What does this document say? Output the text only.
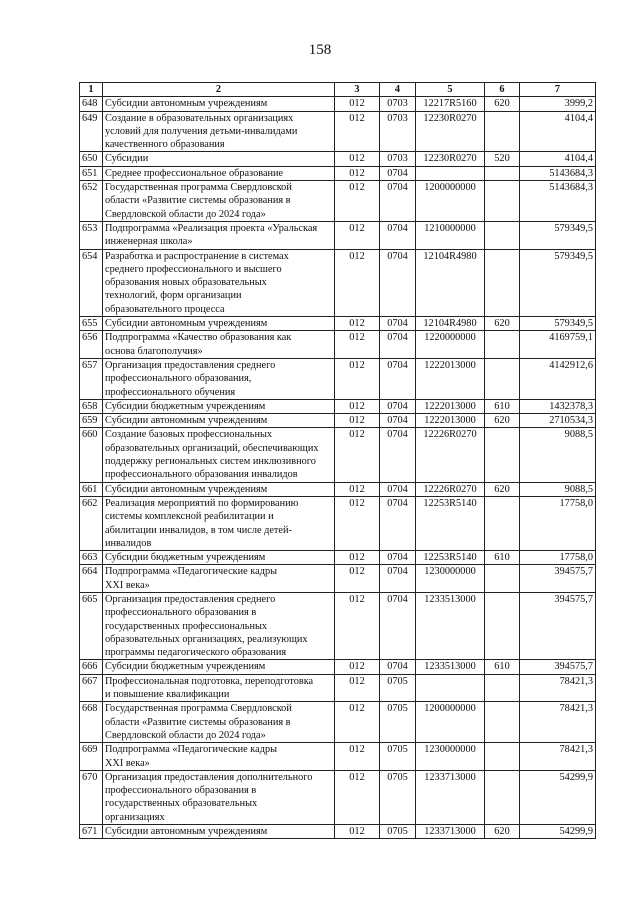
158
1	2	3	4	5	6	7
648	Субсидии автономным учреждениям	012	0703	12217R5160	620	3999,2
649	Создание в образовательных организациях
условий для получения детьми-инвалидами
качественного образования	012	0703	12230R0270		4104,4
650	Субсидии	012	0703	12230R0270	520	4104,4
651	Среднее профессиональное образование	012	0704			5143684,3
652	Государственная программа Свердловской
области «Развитие системы образования в
Свердловской области до 2024 года»	012	0704	1200000000		5143684,3
653	Подпрограмма «Реализация проекта «Уральская
инженерная школа»	012	0704	1210000000		579349,5
654	Разработка и распространение в системах
среднего профессионального и высшего
образования новых образовательных
технологий, форм организации
образовательного процесса	012	0704	12104R4980		579349,5
655	Субсидии автономным учреждениям	012	0704	12104R4980	620	579349,5
656	Подпрограмма «Качество образования как
основа благополучия»	012	0704	1220000000		4169759,1
657	Организация предоставления среднего
профессионального образования,
профессионального обучения	012	0704	1222013000		4142912,6
658	Субсидии бюджетным учреждениям	012	0704	1222013000	610	1432378,3
659	Субсидии автономным учреждениям	012	0704	1222013000	620	2710534,3
660	Создание базовых профессиональных
образовательных организаций, обеспечивающих
поддержку региональных систем инклюзивного
профессионального образования инвалидов	012	0704	12226R0270		9088,5
661	Субсидии автономным учреждениям	012	0704	12226R0270	620	9088,5
662	Реализация мероприятий по формированию
системы комплексной реабилитации и
абилитации инвалидов, в том числе детей-
инвалидов	012	0704	12253R5140		17758,0
663	Субсидии бюджетным учреждениям	012	0704	12253R5140	610	17758,0
664	Подпрограмма «Педагогические кадры
XXI века»	012	0704	1230000000		394575,7
665	Организация предоставления среднего
профессионального образования в
государственных профессиональных
образовательных организациях, реализующих
программы педагогического образования	012	0704	1233513000		394575,7
666	Субсидии бюджетным учреждениям	012	0704	1233513000	610	394575,7
667	Профессиональная подготовка, переподготовка
и повышение квалификации	012	0705			78421,3
668	Государственная программа Свердловской
области «Развитие системы образования в
Свердловской области до 2024 года»	012	0705	1200000000		78421,3
669	Подпрограмма «Педагогические кадры
XXI века»	012	0705	1230000000		78421,3
670	Организация предоставления дополнительного
профессионального образования в
государственных образовательных
организациях	012	0705	1233713000		54299,9
671	Субсидии автономным учреждениям	012	0705	1233713000	620	54299,9
